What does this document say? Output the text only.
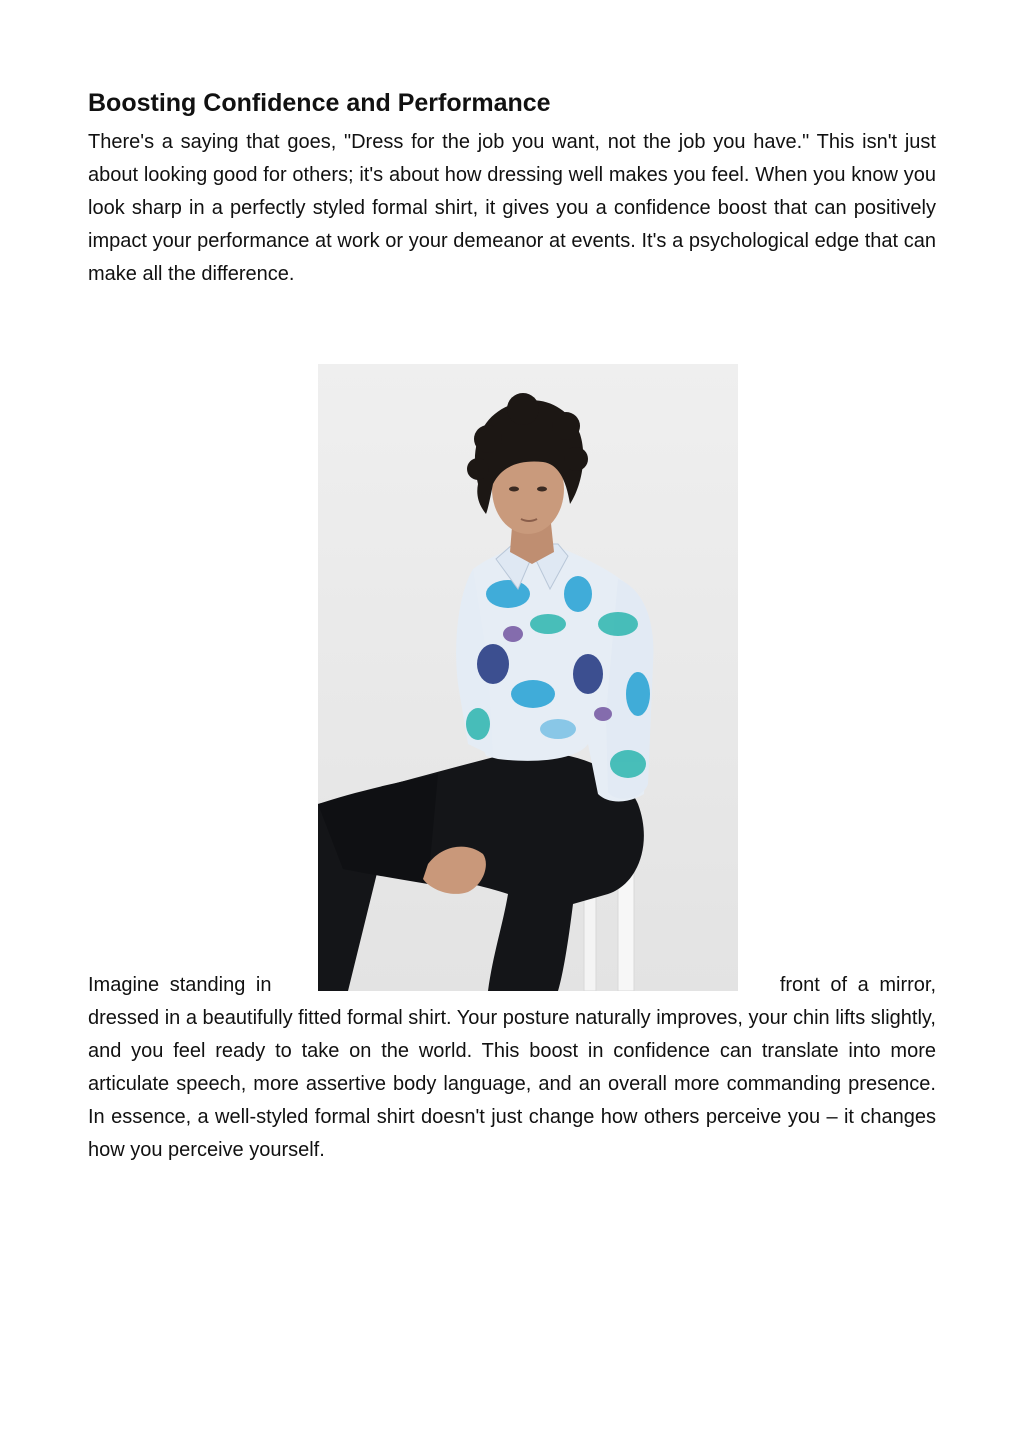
Boosting Confidence and Performance

There's a saying that goes, "Dress for the job you want, not the job you have." This isn't just about looking good for others; it's about how dressing well makes you feel. When you know you look sharp in a perfectly styled formal shirt, it gives you a confidence boost that can positively impact your performance at work or your demeanor at events. It's a psychological edge that can make all the difference.

Imagine standing in	front of a mirror,

dressed in a beautifully fitted formal shirt. Your posture naturally improves, your chin lifts slightly, and you feel ready to take on the world. This boost in confidence can translate into more articulate speech, more assertive body language, and an overall more commanding presence. In essence, a well-styled formal shirt doesn't just change how others perceive you – it changes how you perceive yourself.
